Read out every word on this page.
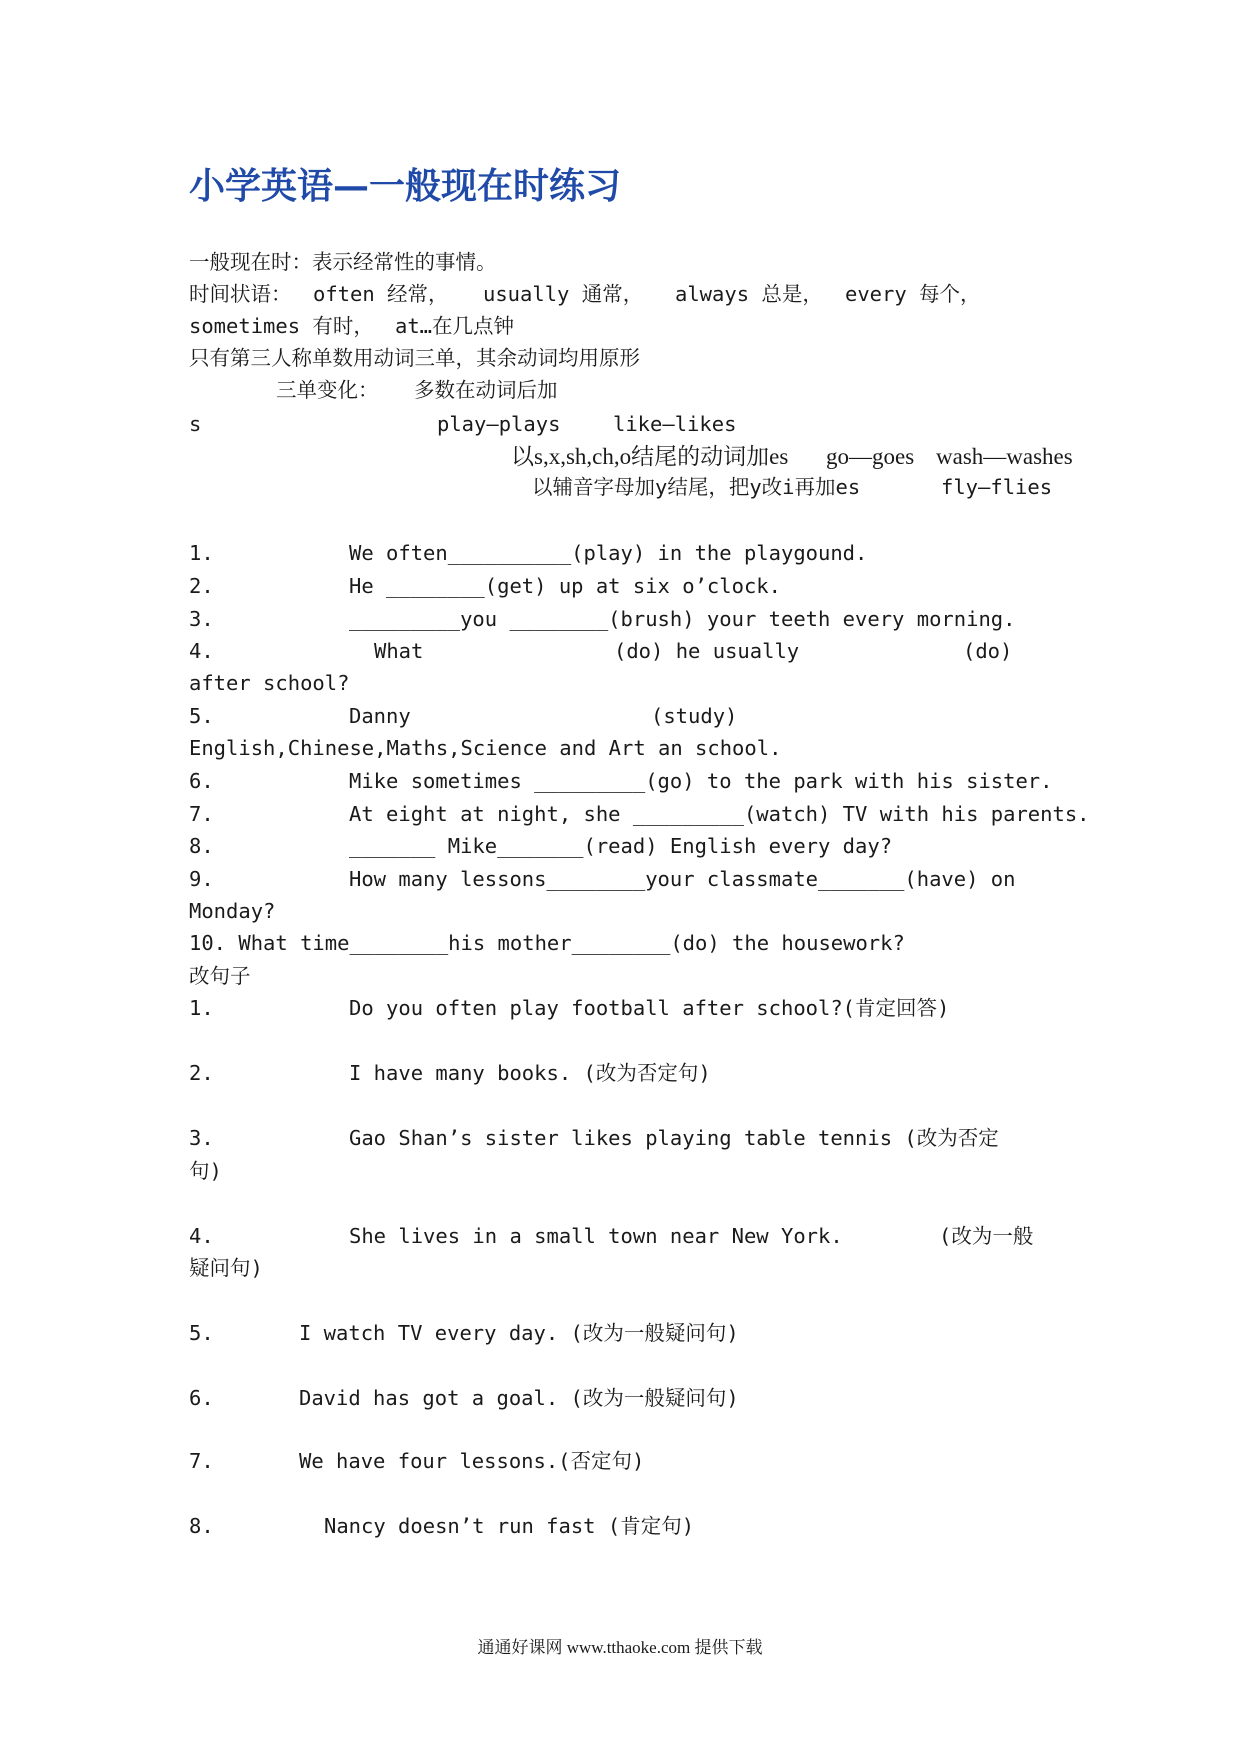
小学英语—一般现在时练习
一般现在时：表示经常性的事情。
时间状语： often 经常， usually 通常， always 总是， every 每个，
sometimes 有时， at…在几点钟
只有第三人称单数用动词三单，其余动词均用原形
三单变化： 多数在动词后加
s	play—plays	like—likes
以s,x,sh,ch,o结尾的动词加es go—goes wash—washes
以辅音字母加y结尾，把y改i再加es	fly—flies
1.	We often__________(play) in the playgound.
2.	He ________(get) up at six o’clock.
3.	_________you ________(brush) your teeth every morning.
4.	What	(do) he usually	(do)
after school?
5.	Danny	(study)
English,Chinese,Maths,Science and Art an school.
6.	Mike sometimes _________(go) to the park with his sister.
7.	At eight at night, she _________(watch) TV with his parents.
8.	_______ Mike_______(read) English every day?
9.	How many lessons________your classmate_______(have) on
Monday?
10. What time________his mother________(do) the housework?
改句子
1.	Do you often play football after school?(肯定回答)
2.	I have many books. (改为否定句)
3.	Gao Shan’s sister likes playing table tennis (改为否定
句)
4.	She lives in a small town near New York.	(改为一般
疑问句)
5.	I watch TV every day. (改为一般疑问句)
6.	David has got a goal. (改为一般疑问句)
7.	We have four lessons.(否定句)
8.	Nancy doesn’t run fast (肯定句)
通通好课网 www.tthaoke.com 提供下载
